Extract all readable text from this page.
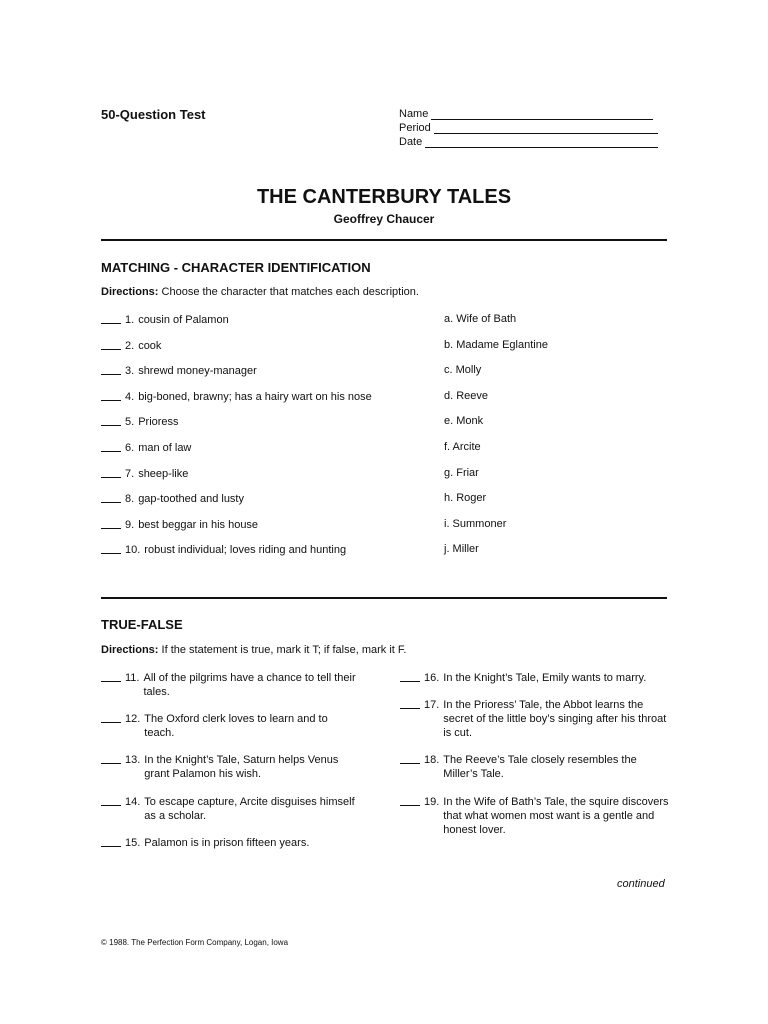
50-Question Test	Name
Period
Date
THE CANTERBURY TALES
Geoffrey Chaucer
MATCHING - CHARACTER IDENTIFICATION
Directions: Choose the character that matches each description.
1. cousin of Palamon
2. cook
3. shrewd money-manager
4. big-boned, brawny; has a hairy wart on his nose
5. Prioress
6. man of law
7. sheep-like
8. gap-toothed and lusty
9. best beggar in his house
10. robust individual; loves riding and hunting
a. Wife of Bath
b. Madame Eglantine
c. Molly
d. Reeve
e. Monk
f. Arcite
g. Friar
h. Roger
i. Summoner
j. Miller
TRUE-FALSE
Directions: If the statement is true, mark it T; if false, mark it F.
11. All of the pilgrims have a chance to tell their tales.
12. The Oxford clerk loves to learn and to teach.
13. In the Knight’s Tale, Saturn helps Venus grant Palamon his wish.
14. To escape capture, Arcite disguises himself as a scholar.
15. Palamon is in prison fifteen years.
16. In the Knight’s Tale, Emily wants to marry.
17. In the Prioress’ Tale, the Abbot learns the secret of the little boy’s singing after his throat is cut.
18. The Reeve’s Tale closely resembles the Miller’s Tale.
19. In the Wife of Bath’s Tale, the squire discovers that what women most want is a gentle and honest lover.
continued
© 1988. The Perfection Form Company, Logan, Iowa
